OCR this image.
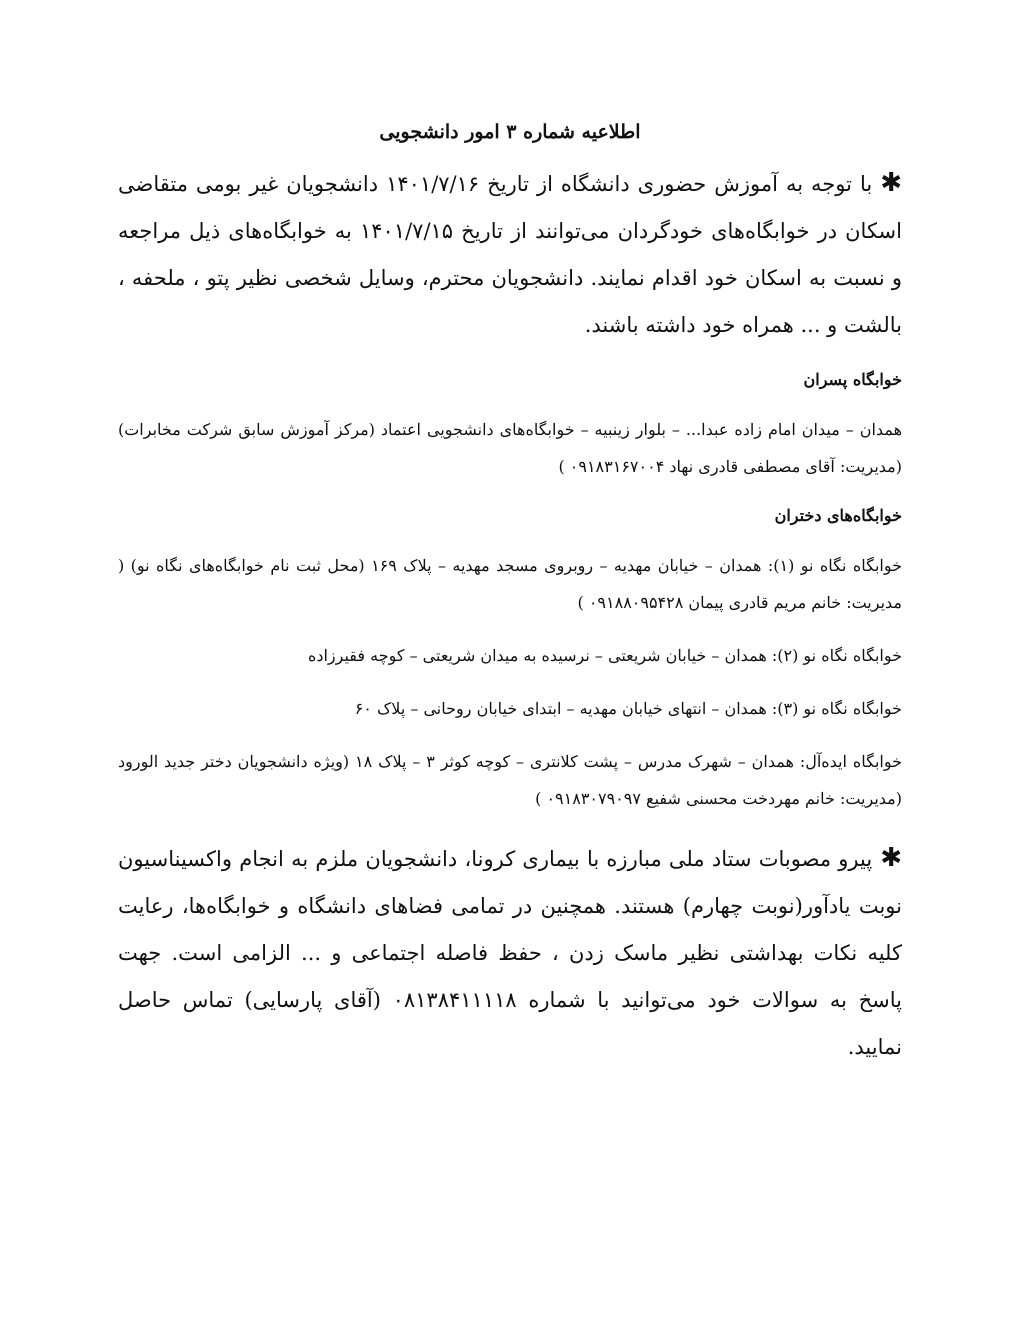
اطلاعیه شماره ۳ امور دانشجویی

✱با توجه به آموزش حضوری دانشگاه از تاریخ ۱۴۰۱/۷/۱۶ دانشجویان غیر بومی متقاضی اسکان در خوابگاه‌های خودگردان می‌توانند از تاریخ ۱۴۰۱/۷/۱۵ به خوابگاه‌های ذیل مراجعه و نسبت به اسکان خود اقدام نمایند. دانشجویان محترم، وسایل شخصی نظیر پتو ، ملحفه ، بالشت و ... همراه خود داشته باشند.

خوابگاه پسران

همدان – میدان امام زاده عبدا... – بلوار زینبیه – خوابگاه‌های دانشجویی اعتماد (مرکز آموزش سابق شرکت مخابرات) (مدیریت: آقای مصطفی قادری نهاد ۰۹۱۸۳۱۶۷۰۰۴ )

خوابگاه‌های دختران

خوابگاه نگاه نو (۱): همدان – خیابان مهدیه – روبروی مسجد مهدیه – پلاک ۱۶۹ (محل ثبت نام خوابگاه‌های نگاه نو) ( مدیریت: خانم مریم قادری پیمان ۰۹۱۸۸۰۹۵۴۲۸ )

خوابگاه نگاه نو (۲): همدان – خیابان شریعتی – نرسیده به میدان شریعتی – کوچه فقیرزاده

خوابگاه نگاه نو (۳): همدان – انتهای خیابان مهدیه – ابتدای خیابان روحانی – پلاک ۶۰

خوابگاه ایده‌آل: همدان – شهرک مدرس – پشت کلانتری – کوچه کوثر ۳ – پلاک ۱۸ (ویژه دانشجویان دختر جدید الورود (مدیریت: خانم مهردخت محسنی شفیع ۰۹۱۸۳۰۷۹۰۹۷ )

✱پیرو مصوبات ستاد ملی مبارزه با بیماری کرونا، دانشجویان ملزم به انجام واکسیناسیون نوبت یادآور(نوبت چهارم) هستند. همچنین در تمامی فضاهای دانشگاه و خوابگاه‌ها، رعایت کلیه نکات بهداشتی نظیر ماسک زدن ، حفظ فاصله اجتماعی و ... الزامی است. جهت پاسخ به سوالات خود می‌توانید با شماره ۰۸۱۳۸۴۱۱۱۱۸ (آقای پارسایی) تماس حاصل نمایید.
